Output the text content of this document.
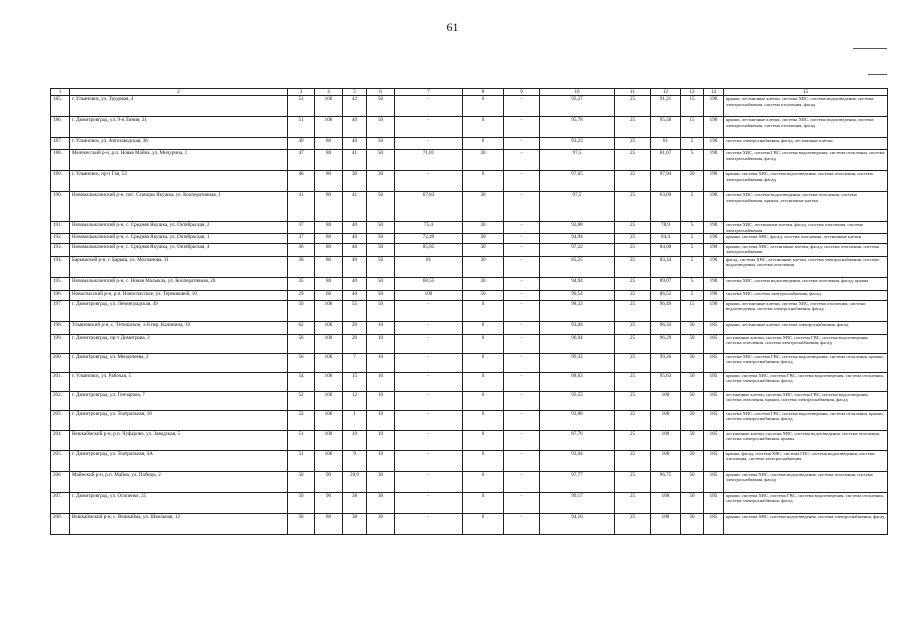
61
1	2	3	4	5	6	7	8	9	10	11	12	13	14	15
185.	г. Ульяновск, ул. Трудовая, 4	51	100	42	50	-	0	-	95,27	25	91,21	15	190	крыши, лестничные клетки, система ХВС, система водоотведения, система электроснабжения, система отопления, фасад
186.	г. Димитровград, ул. 9-я Линия, 21	51	100	40	50	-	0	-	95,78	25	95,58	15	190	крыши, лестничные клетки, система ХВС, система водоотведения, система электроснабжения, система отопления, фасад
187.	г. Ульяновск, ул. Автозаводская, 36	49	80	40	50	-	0	-	93,23	25	81	5	190	система электроснабжения, фасад, лестничные клетки
188.	Мелекесский р-н, р.п. Новая Майна, ул. Мичурина, 1	47	80	41	50	71,81	30	-	97,5	25	81,67	5	190	система ХВС, система ГВС, система водоотведения, система отопления, система электроснабжения, фасад
189.	г. Ульяновск, пр-т Гая, 53	46	80	30	30	-	0	-	97,65	25	97,94	50	190	крыши, система ХВС, система водоотведения, система отопления, система электроснабжения, фасад
190.	Новомалыклинский р-н, пос. Станции Якушка, ул. Кооперативная, 1	41	80	41	50	67,83	30	-	97,5	25	63,69	5	190	система ХВС, система водоотведения, система отопления, система электроснабжения, крыши, лестничные клетки
191.	Новомалыклинский р-н, с. Средняя Якушка, ул. Октябрьская, 2	37	80	40	50	75,4	30	-	93,88	25	78,9	5	190	система ХВС, лестничные клетки, фасад, система отопления, система электроснабжения
192.	Новомалыклинский р-н, с. Средняя Якушка, ул. Октябрьская, 1	37	80	40	50	72,49	30	-	94,94	25	84,4	5	190	крыши, система ХВС, фасад, система отопления, лестничные клетки
193.	Новомалыклинский р-н, с. Средняя Якушка, ул. Октябрьская, 4	36	80	40	50	85,85	30	-	97,22	25	84,08	5	190	крыши, система ХВС, лестничные клетки, фасад, система отопления, система электроснабжения
194.	Барышский р-н, г. Барыш, ул. Молчанова, 31	36	80	40	50	81	30	-	85,25	25	83,34	5	190	фасад, система ХВС, лестничные клетки, система электроснабжения, система водоотведения, система отопления
195.	Новомалыклинский р-н, с. Новая Малыкла, ул. Кооперативная, 20	35	80	40	50	68,55	30	-	94,94	25	89,07	5	190	система ХВС, система водоотведения, система отопления, фасад, крыша
196.	Новоспасский р-н, р.п. Новоспасское, ул. Терешковой, 10	29	60	40	50	100	50	-	90,54	25	86,53	5	190	система ХВС, система электроснабжения, фасад
197.	г. Димитровград, ул. Ленинградская, 49	50	100	55	50	-	0	-	98,33	25	96,49	15	190	крыши, лестничные клетки, система ХВС, система отопления, система водоотведения, система электроснабжения, фасад
198.	Ульяновский р-н, с. Тетюшское, 1-й пер. Калинина, 19	62	100	20	10	-	0	-	93,04	25	96,33	50	185	крыши, лестничные клетки, система электроснабжения, фасад
199.	г. Димитровград, пр-т Димитрова, 3	56	100	20	10	-	0	-	96,94	25	96,29	50	185	лестничные клетки, система ХВС, система ГВС, система водоотведения, система отопления, система электроснабжения, фасад
200.	г. Димитровград, ул. Менделеева, 2	56	100	7	10	-	0	-	99,32	25	99,26	50	185	система ХВС, система ГВС, система водоотведения, система отопления, крыши, система электроснабжения, фасад
201.	г. Ульяновск, ул. Рабочая, 5	54	100	15	10	-	0	-	88,03	25	95,63	50	185	крыши, система ХВС, система ГВС, система водоотведения, система отопления, система электроснабжения, фасад
202.	г. Димитровград, ул. Гончарова, 7	52	100	12	10	-	0	-	95,55	25	100	50	185	лестничные клетки, система ХВС, система ГВС, система водоотведения, система отопления, крыши, система электроснабжения, фасад
203.	г. Димитровград, ул. Театральная, 10	52	100	1	10	-	0	-	93,88	25	100	50	185	система ХВС, система ГВС, система водоотведения, система отопления, крыши, система электроснабжения, фасад
204.	Вешкаймский р-н, р.п. Чуфарово, ул. Заводская, 5	51	100	19	10	-	0	-	87,76	25	100	50	185	лестничные клетки, система ХВС, система водоотведения, система отопления, система электроснабжения, крыша
205.	г. Димитровград, ул. Театральная, 4А	51	100	9	10	-	0	-	93,04	25	100	50	185	крыша, фасад, система ХВС, система ГВС, система водоотведения, система отопления, система электроснабжения
206.	Майнский р-н, р.п. Майна, ул. Победы, 2	50	90	39,9	30	-	0	-	97,77	25	96,75	50	185	крыши, система ХВС, система водоотведения, система отопления, система электроснабжения, фасад
207.	г. Димитровград, ул. Осипенко, 25	50	90	38	30	-	0	-	99,17	25	100	50	185	крыши, система ХВС, система ГВС, система водоотведения, система отопления, система электроснабжения, фасад
208.	Вешкаймский р-н, с. Вешкайма, ул. Школьная, 12	50	80	38	30	-	0	-	94,16	25	100	50	185	крыши, система ХВС, система водоотведения, система электроснабжения, фасад
